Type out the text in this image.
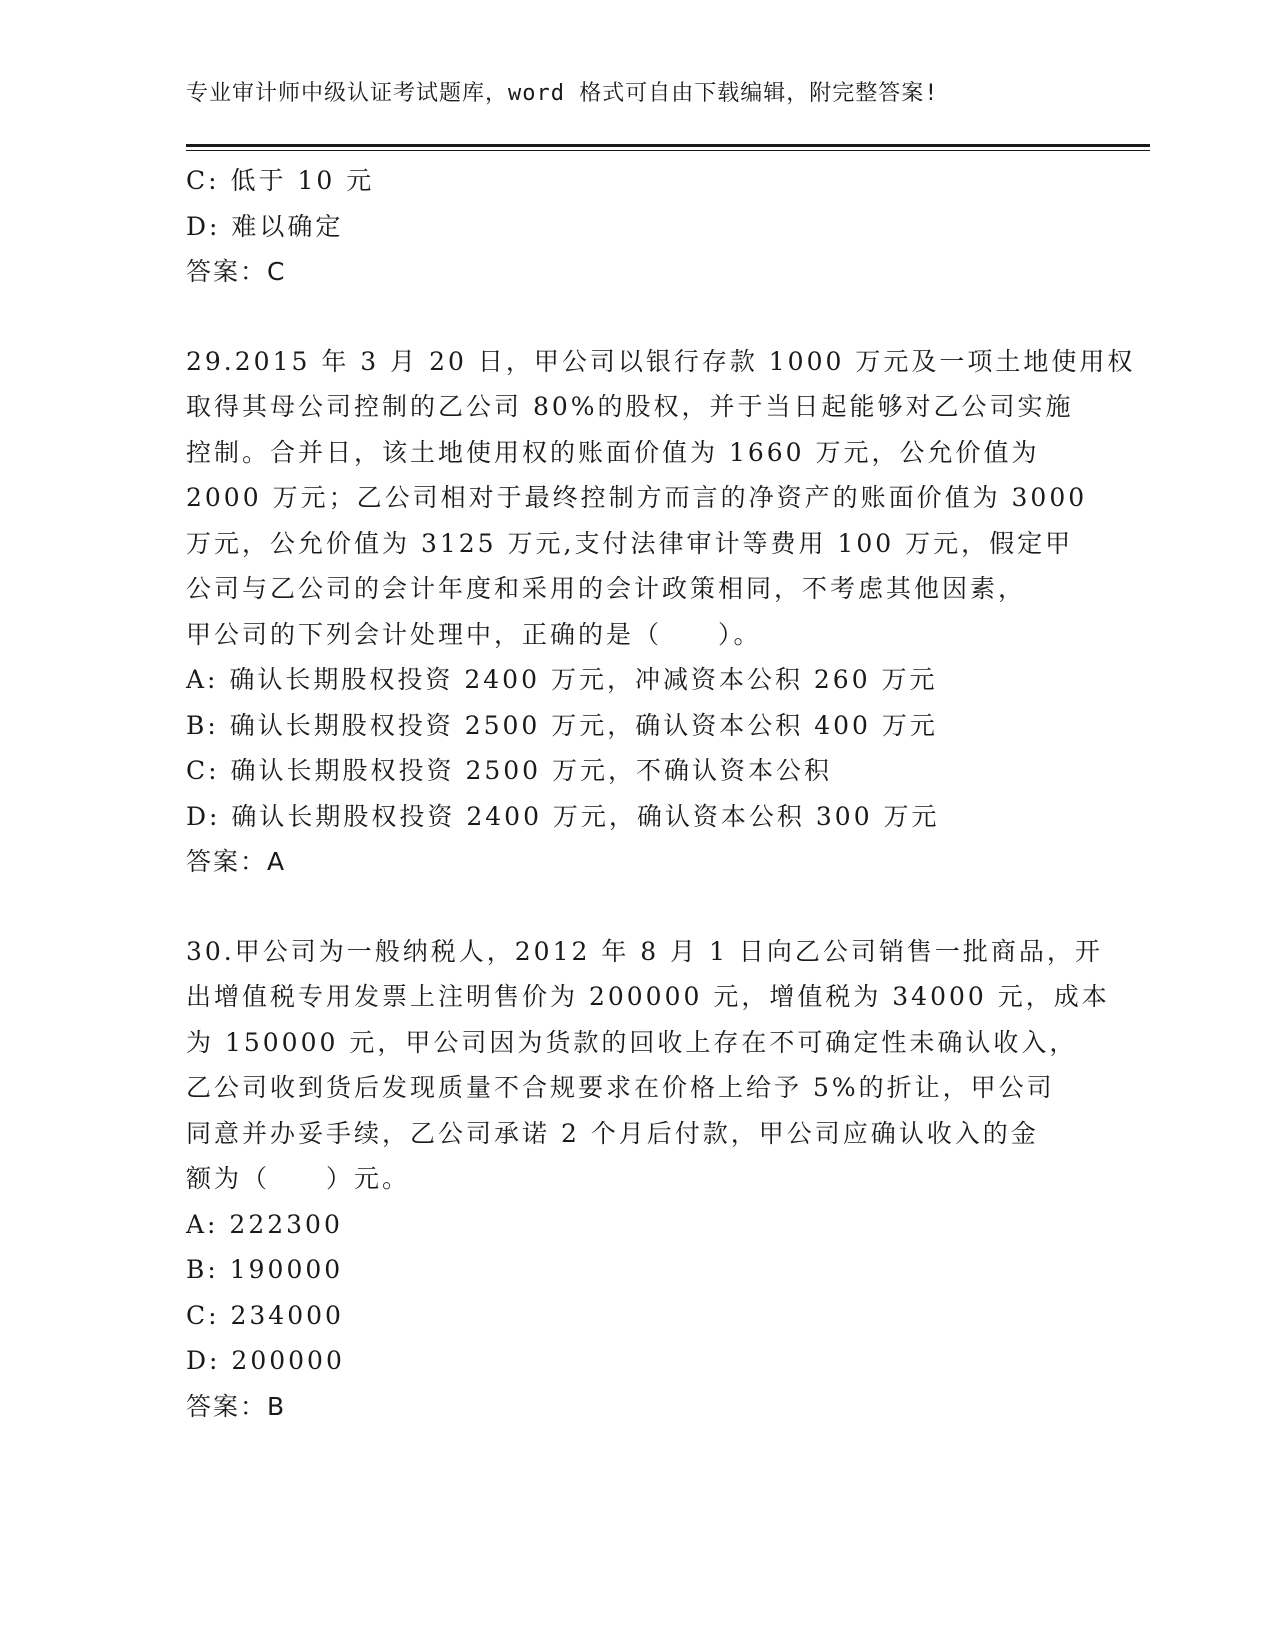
专业审计师中级认证考试题库，word 格式可自由下载编辑，附完整答案!
C: 低于 10 元
D: 难以确定
答案：C
29.2015 年 3 月 20 日，甲公司以银行存款 1000 万元及一项土地使用权
取得其母公司控制的乙公司 80%的股权，并于当日起能够对乙公司实施
控制。合并日，该土地使用权的账面价值为 1660 万元，公允价值为
2000 万元；乙公司相对于最终控制方而言的净资产的账面价值为 3000
万元，公允价值为 3125 万元,支付法律审计等费用 100 万元，假定甲
公司与乙公司的会计年度和采用的会计政策相同，不考虑其他因素，
甲公司的下列会计处理中，正确的是（　　）。
A: 确认长期股权投资 2400 万元，冲减资本公积 260 万元
B: 确认长期股权投资 2500 万元，确认资本公积 400 万元
C: 确认长期股权投资 2500 万元，不确认资本公积
D: 确认长期股权投资 2400 万元，确认资本公积 300 万元
答案：A
30.甲公司为一般纳税人，2012 年 8 月 1 日向乙公司销售一批商品，开
出增值税专用发票上注明售价为 200000 元，增值税为 34000 元，成本
为 150000 元，甲公司因为货款的回收上存在不可确定性未确认收入，
乙公司收到货后发现质量不合规要求在价格上给予 5%的折让，甲公司
同意并办妥手续，乙公司承诺 2 个月后付款，甲公司应确认收入的金
额为（　　）元。
A: 222300
B: 190000
C: 234000
D: 200000
答案：B
